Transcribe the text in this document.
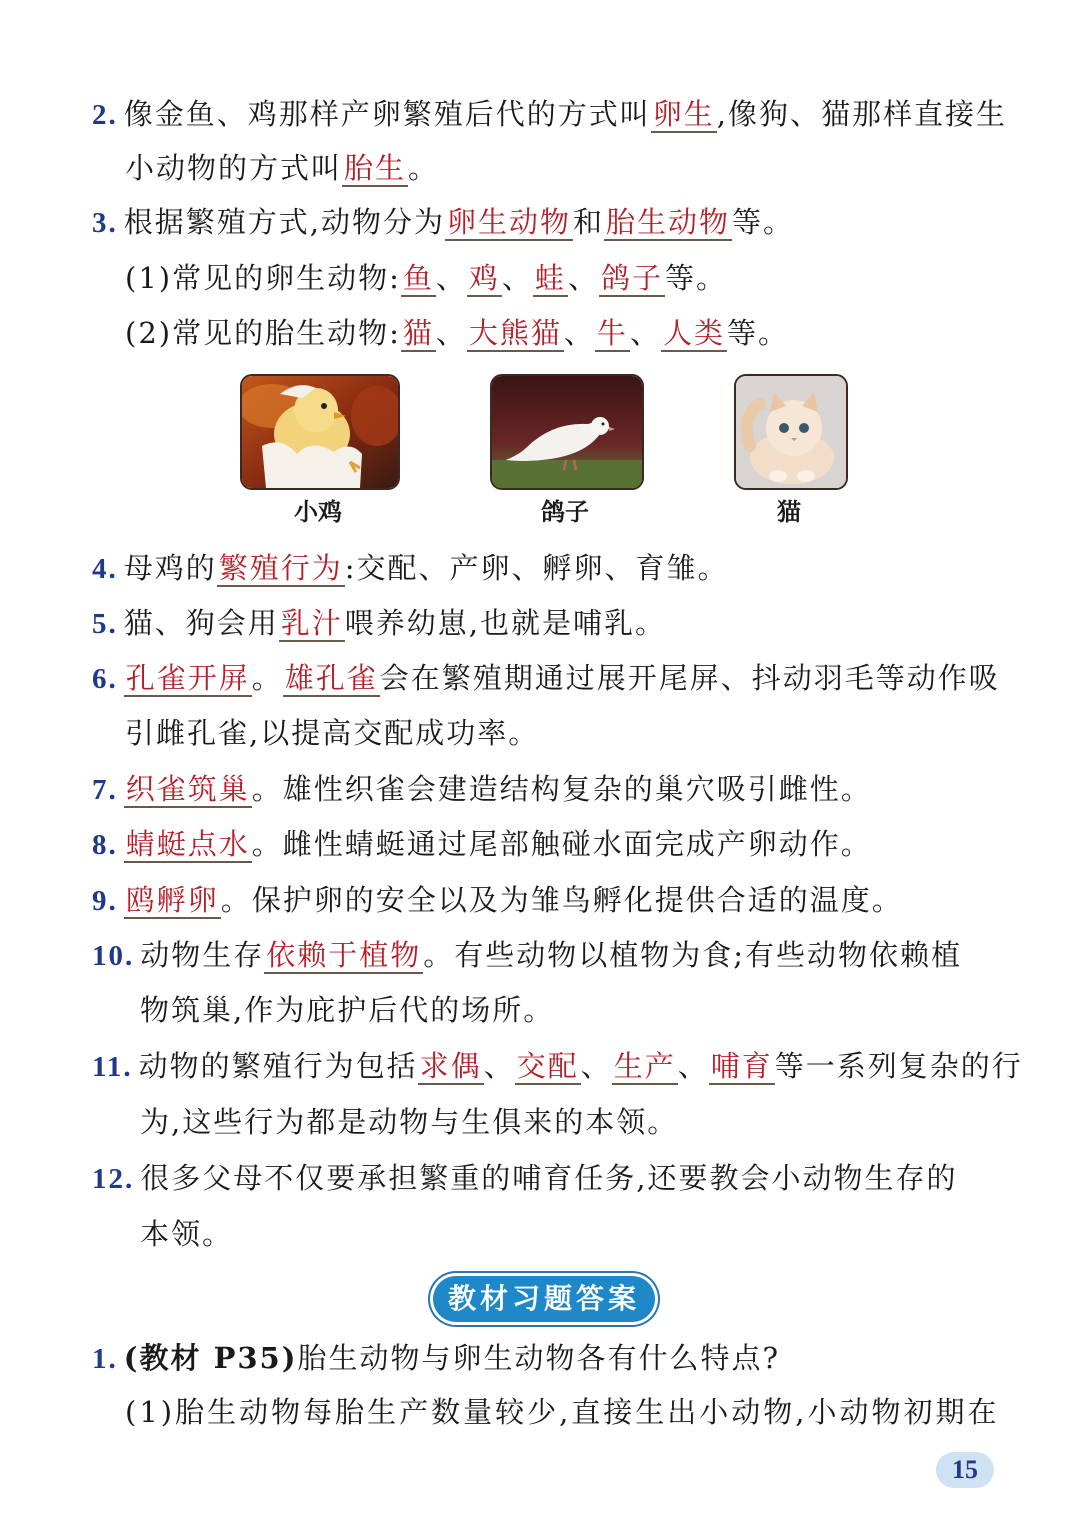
2. 像金鱼、鸡那样产卵繁殖后代的方式叫卵生,像狗、猫那样直接生
小动物的方式叫胎生。
3. 根据繁殖方式,动物分为卵生动物和胎生动物等。
(1)常见的卵生动物:鱼、鸡、蛙、鸽子等。
(2)常见的胎生动物:猫、大熊猫、牛、人类等。
小鸡	鸽子	猫
4. 母鸡的繁殖行为:交配、产卵、孵卵、育雏。
5. 猫、狗会用乳汁喂养幼崽,也就是哺乳。
6. 孔雀开屏。雄孔雀会在繁殖期通过展开尾屏、抖动羽毛等动作吸
引雌孔雀,以提高交配成功率。
7. 织雀筑巢。雄性织雀会建造结构复杂的巢穴吸引雌性。
8. 蜻蜓点水。雌性蜻蜓通过尾部触碰水面完成产卵动作。
9. 鸥孵卵。保护卵的安全以及为雏鸟孵化提供合适的温度。
10. 动物生存依赖于植物。有些动物以植物为食;有些动物依赖植
物筑巢,作为庇护后代的场所。
11. 动物的繁殖行为包括求偶、交配、生产、哺育等一系列复杂的行
为,这些行为都是动物与生俱来的本领。
12. 很多父母不仅要承担繁重的哺育任务,还要教会小动物生存的
本领。
教材习题答案
1. (教材 P35)胎生动物与卵生动物各有什么特点?
(1)胎生动物每胎生产数量较少,直接生出小动物,小动物初期在
15
